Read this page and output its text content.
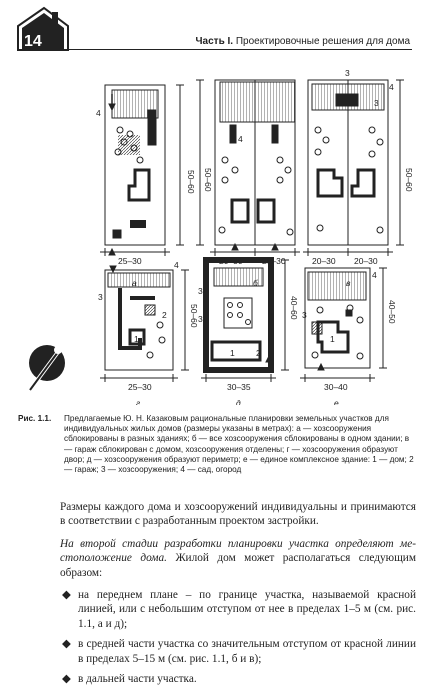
14	Часть I. Проектировочные решения для дома
25–30
50–60
а
4
20–30 20–30
50–60
б
4
20–30 20–30
50–60
в
3
4
3
25–30
50–60
г
4
3
1
2
30–35
40–60
д
3
3
4
1	2
30–40
40–50
е
4
1
3
Рис. 1.1. Предлагаемые Ю. Н. Казаковым рациональные планировки земельных участков для индивидуальных жилых домов (размеры указаны в метрах): а — хозсооружения сблокированы в разных зданиях; б — все хозсооружения сблокированы в одном здании; в — гараж сблокирован с домом, хозсооружения отделены; г — хозсооружения образуют двор; д — хозсооружения образуют периметр; е — единое комплексное здание: 1 — дом; 2 — гараж; 3 — хозсооружения; 4 — сад, огород

Размеры каждого дома и хозсооружений индивидуальны и принимаются в соответствии с разработанным проектом застройки.

На второй стадии разработки планировки участка определяют ме-стоположение дома. Жилой дом может располагаться следующим образом:

◆ на переднем плане – по границе участка, называемой красной линией, или с небольшим отступом от нее в пределах 1–5 м (см. рис. 1.1, а и д);
◆ в средней части участка со значительным отступом от красной линии в пределах 5–15 м (см. рис. 1.1, б и в);
◆ в дальней части участка.
